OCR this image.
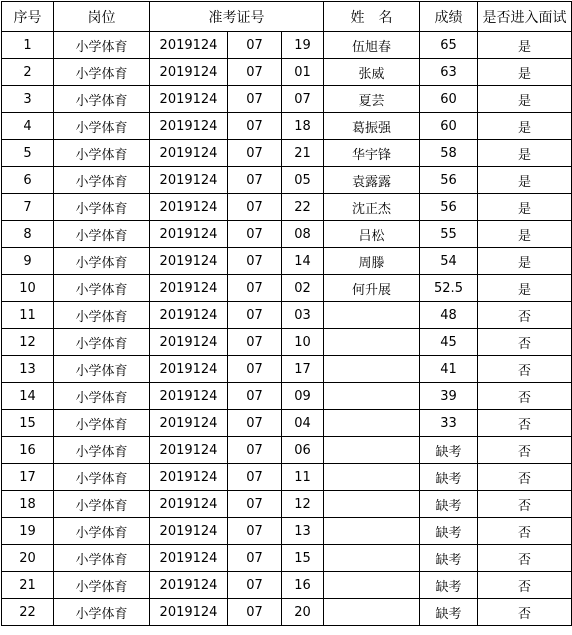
序号	岗位	准考证号			姓　名	成绩	是否进入面试
1	小学体育	2019124	07	19	伍旭春	65	是
2	小学体育	2019124	07	01	张威	63	是
3	小学体育	2019124	07	07	夏芸	60	是
4	小学体育	2019124	07	18	葛振强	60	是
5	小学体育	2019124	07	21	华宇锋	58	是
6	小学体育	2019124	07	05	袁露露	56	是
7	小学体育	2019124	07	22	沈正杰	56	是
8	小学体育	2019124	07	08	吕松	55	是
9	小学体育	2019124	07	14	周滕	54	是
10	小学体育	2019124	07	02	何升展	52.5	是
11	小学体育	2019124	07	03		48	否
12	小学体育	2019124	07	10		45	否
13	小学体育	2019124	07	17		41	否
14	小学体育	2019124	07	09		39	否
15	小学体育	2019124	07	04		33	否
16	小学体育	2019124	07	06		缺考	否
17	小学体育	2019124	07	11		缺考	否
18	小学体育	2019124	07	12		缺考	否
19	小学体育	2019124	07	13		缺考	否
20	小学体育	2019124	07	15		缺考	否
21	小学体育	2019124	07	16		缺考	否
22	小学体育	2019124	07	20		缺考	否
